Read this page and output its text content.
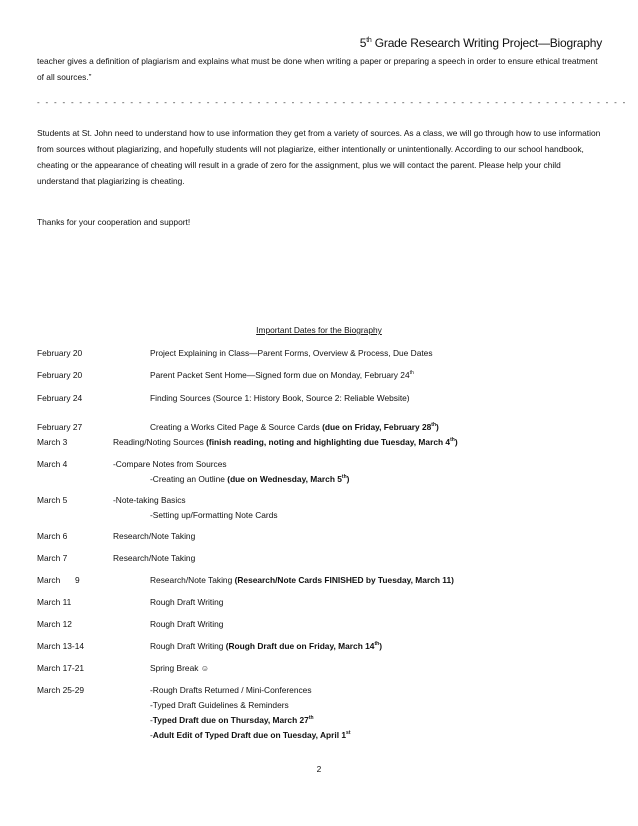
5th Grade Research Writing Project—Biography

teacher gives a definition of plagiarism and explains what must be done when writing a paper or preparing a speech in order to ensure ethical treatment of all sources.”

- - - - - - - - - - - - - - - - - - - - - - - - - - - - - - - - - - - - - - - - - - - - - - - - - - - - - - - - - - - - - - - - - - - - - -

Students at St. John need to understand how to use information they get from a variety of sources. As a class, we will go through how to use information from sources without plagiarizing, and hopefully students will not plagiarize, either intentionally or unintentionally. According to our school handbook, cheating or the appearance of cheating will result in a grade of zero for the assignment, plus we will contact the parent. Please help your child understand that plagiarizing is cheating.

Thanks for your cooperation and support!

Important Dates for the Biography
February 20	Project Explaining in Class—Parent Forms, Overview & Process, Due Dates
February 20	Parent Packet Sent Home—Signed form due on Monday, February 24th
February 24	Finding Sources (Source 1: History Book, Source 2: Reliable Website)
February 27	Creating a Works Cited Page & Source Cards (due on Friday, February 28th)
March 3	Reading/Noting Sources (finish reading, noting and highlighting due Tuesday, March 4th)
March 4	-Compare Notes from Sources
-Creating an Outline (due on Wednesday, March 5th)
March 5	-Note-taking Basics
-Setting up/Formatting Note Cards
March 6	Research/Note Taking
March 7	Research/Note Taking
March 9	Research/Note Taking (Research/Note Cards FINISHED by Tuesday, March 11)
March 11	Rough Draft Writing
March 12	Rough Draft Writing
March 13-14	Rough Draft Writing (Rough Draft due on Friday, March 14th)
March 17-21	Spring Break ☺
March 25-29	-Rough Drafts Returned / Mini-Conferences
-Typed Draft Guidelines & Reminders
-Typed Draft due on Thursday, March 27th
-Adult Edit of Typed Draft due on Tuesday, April 1st
2
